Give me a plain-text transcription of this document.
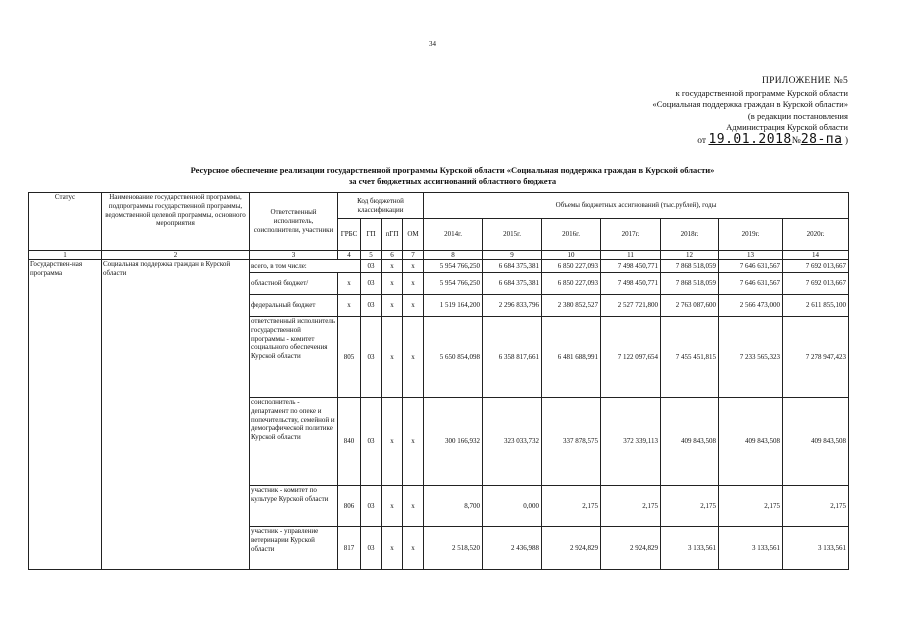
34
ПРИЛОЖЕНИЕ №5
к государственной программе Курской области
«Социальная поддержка граждан в Курской области»
(в редакции постановления
Администрация Курской области
от 19.01.2018№28-па )
Ресурсное обеспечение реализации государственной программы Курской области «Социальная поддержка граждан в Курской области»
за счет бюджетных ассигнований областного бюджета
Статус	Наименование государственной программы, подпрограммы государственной программы, ведомственной целевой программы, основного мероприятия	Ответственный исполнитель, соисполнители, участники	Код бюджетной классификации				Объемы бюджетных ассигнований (тыс.рублей), годы						
			ГРБС	ГП	пГП	ОМ	2014г.	2015г.	2016г.	2017г.	2018г.	2019г.	2020г.
1	2	3	4	5	6	7	8	9	10	11	12	13	14
Государствен-ная программа	Социальная поддержка граждан в Курской области	всего, в том числе:		03	x	x	5 954 766,250	6 684 375,381	6 850 227,093	7 498 450,771	7 868 518,059	7 646 631,567	7 692 013,667
		областной бюджет/	x	03	x	x	5 954 766,250	6 684 375,381	6 850 227,093	7 498 450,771	7 868 518,059	7 646 631,567	7 692 013,667
		федеральный бюджет	x	03	x	x	1 519 164,200	2 296 833,796	2 380 852,527	2 527 721,800	2 763 087,600	2 566 473,000	2 611 855,100
		ответственный исполнитель государственной программы - комитет социального обеспечения Курской области	805	03	x	x	5 650 854,098	6 358 817,661	6 481 688,991	7 122 097,654	7 455 451,815	7 233 565,323	7 278 947,423
		соисполнитель - департамент по опеке и попечительству, семейной и демографической политике Курской области	840	03	x	x	300 166,932	323 033,732	337 878,575	372 339,113	409 843,508	409 843,508	409 843,508
		участник - комитет по культуре Курской области	806	03	x	x	8,700	0,000	2,175	2,175	2,175	2,175	2,175
		участник - управление ветеринарии Курской области	817	03	x	x	2 518,520	2 436,988	2 924,829	2 924,829	3 133,561	3 133,561	3 133,561
